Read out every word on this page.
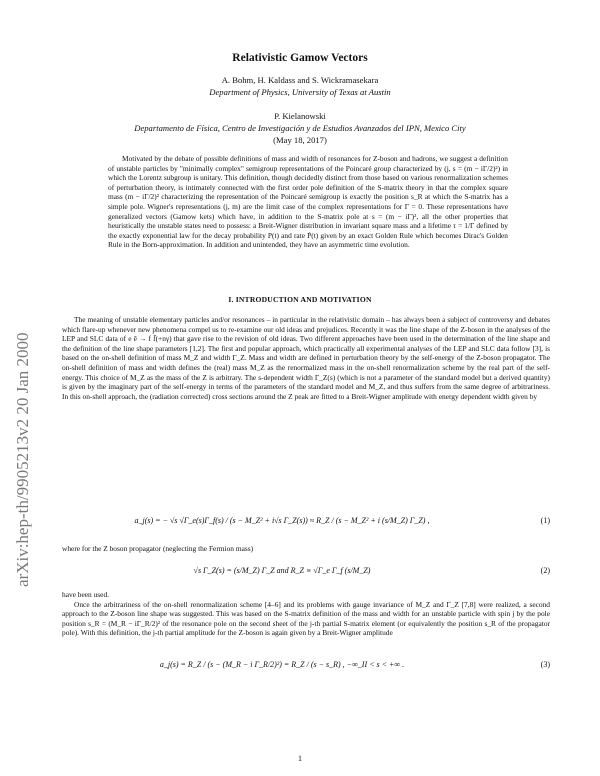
arXiv:hep-th/9905213v2 20 Jan 2000
Relativistic Gamow Vectors
A. Bohm, H. Kaldass and S. Wickramasekara
Department of Physics, University of Texas at Austin
P. Kielanowski
Departamento de Física, Centro de Investigación y de Estudios Avanzados del IPN, Mexico City
(May 18, 2017)

Motivated by the debate of possible definitions of mass and width of resonances for Z-boson and hadrons, we suggest a definition of unstable particles by "minimally complex" semigroup representations of the Poincaré group characterized by (j, s = (m − iΓ/2)²) in which the Lorentz subgroup is unitary. This definition, though decidedly distinct from those based on various renormalization schemes of perturbation theory, is intimately connected with the first order pole definition of the S-matrix theory in that the complex square mass (m − iΓ/2)² characterizing the representation of the Poincaré semigroup is exactly the position s_R at which the S-matrix has a simple pole. Wigner's representations (j, m) are the limit case of the complex representations for Γ = 0. These representations have generalized vectors (Gamow kets) which have, in addition to the S-matrix pole at s = (m − iΓ)², all the other properties that heuristically the unstable states need to possess: a Breit-Wigner distribution in invariant square mass and a lifetime τ = 1/Γ defined by the exactly exponential law for the decay probability P(t) and rate Ṗ(t) given by an exact Golden Rule which becomes Dirac's Golden Rule in the Born-approximation. In addition and unintended, they have an asymmetric time evolution.

I. INTRODUCTION AND MOTIVATION

The meaning of unstable elementary particles and/or resonances – in particular in the relativistic domain – has always been a subject of controversy and debates which flare-up whenever new phenomena compel us to re-examine our old ideas and prejudices. Recently it was the line shape of the Z-boson in the analyses of the LEP and SLC data of e ē → f f̄(+nγ) that gave rise to the revision of old ideas. Two different approaches have been used in the determination of the line shape and the definition of the line shape parameters [1,2]. The first and popular approach, which practically all experimental analyses of the LEP and SLC data follow [3], is based on the on-shell definition of mass M_Z and width Γ_Z. Mass and width are defined in perturbation theory by the self-energy of the Z-boson propagator. The on-shell definition of mass and width defines the (real) mass M_Z as the renormalized mass in the on-shell renormalization scheme by the real part of the self-energy. This choice of M_Z as the mass of the Z is arbitrary. The s-dependent width Γ_Z(s) (which is not a parameter of the standard model but a derived quantity) is given by the imaginary part of the self-energy in terms of the parameters of the standard model and M_Z, and thus suffers from the same degree of arbitrariness. In this on-shell approach, the (radiation corrected) cross sections around the Z peak are fitted to a Breit-Wigner amplitude with energy dependent width given by

a_j(s) = − √s √Γ_e(s)Γ_f(s) / (s − M_Z² + i√s Γ_Z(s)) ≈ R_Z / (s − M_Z² + i (s/M_Z) Γ_Z) ,	(1)

where for the Z boson propagator (neglecting the Fermion mass)

√s Γ_Z(s) = (s/M_Z) Γ_Z and R_Z ≡ √Γ_e Γ_f (s/M_Z)	(2)

have been used.

Once the arbitrariness of the on-shell renormalization scheme [4–6] and its problems with gauge invariance of M_Z and Γ_Z [7,8] were realized, a second approach to the Z-boson line shape was suggested. This was based on the S-matrix definition of the mass and width for an unstable particle with spin j by the pole position s_R = (M_R − iΓ_R/2)² of the resonance pole on the second sheet of the j-th partial S-matrix element (or equivalently the position s_R of the propagator pole). With this definition, the j-th partial amplitude for the Z-boson is again given by a Breit-Wigner amplitude

a_j(s) = R_Z / (s − (M_R − i Γ_R/2)²) = R_Z / (s − s_R) , −∞_II < s < +∞ .	(3)
1
